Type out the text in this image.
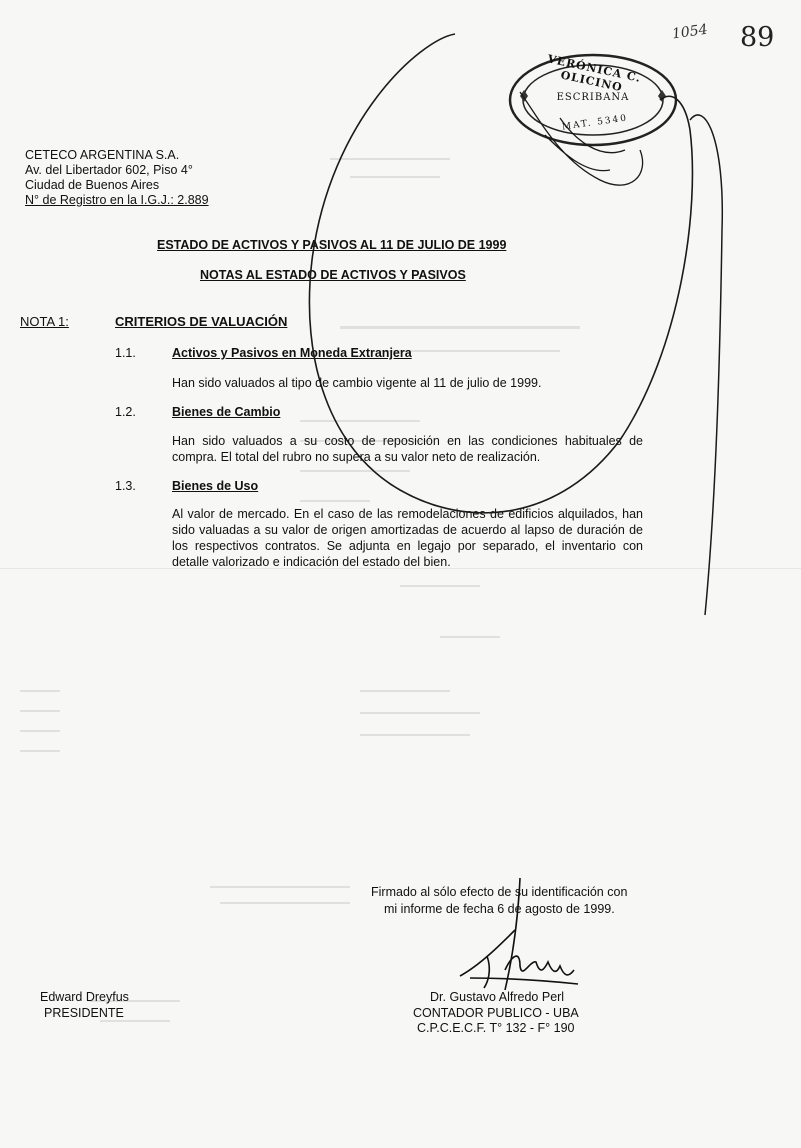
1054 89
VERÓNICA C. OLICINO
ESCRIBANA
MAT. 5340
CETECO ARGENTINA S.A.
Av. del Libertador 602, Piso 4°
Ciudad de Buenos Aires
N° de Registro en la I.G.J.: 2.889
ESTADO DE ACTIVOS Y PASIVOS AL 11 DE JULIO DE 1999
NOTAS AL ESTADO DE ACTIVOS Y PASIVOS
NOTA 1:	CRITERIOS DE VALUACIÓN
1.1.	Activos y Pasivos en Moneda Extranjera
Han sido valuados al tipo de cambio vigente al 11 de julio de 1999.
1.2.	Bienes de Cambio
Han sido valuados a su costo de reposición en las condiciones habituales de compra. El total del rubro no supera a su valor neto de realización.
1.3.	Bienes de Uso
Al valor de mercado. En el caso de las remodelaciones de edificios alquilados, han sido valuadas a su valor de origen amortizadas de acuerdo al lapso de duración de los respectivos contratos. Se adjunta en legajo por separado, el inventario con detalle valorizado e indicación del estado del bien.
Firmado al sólo efecto de su identificación con
mi informe de fecha 6 de agosto de 1999.
Edward Dreyfus
PRESIDENTE
Dr. Gustavo Alfredo Perl
CONTADOR PUBLICO - UBA
C.P.C.E.C.F. T° 132 - F° 190
